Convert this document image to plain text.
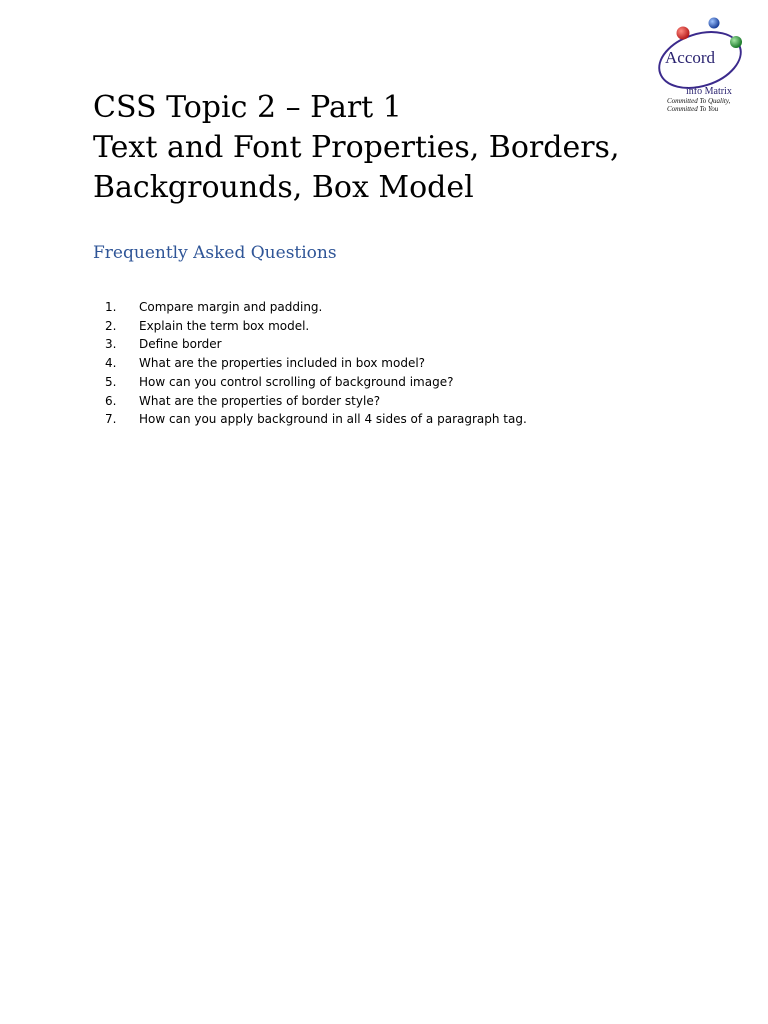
Accord
info Matrix
Committed To Quality,
Committed To You
CSS Topic 2 – Part 1
Text and Font Properties, Borders,
Backgrounds, Box Model
Frequently Asked Questions
1.	Compare margin and padding.
2.	Explain the term box model.
3.	Define border
4.	What are the properties included in box model?
5.	How can you control scrolling of background image?
6.	What are the properties of border style?
7.	How can you apply background in all 4 sides of a paragraph tag.
